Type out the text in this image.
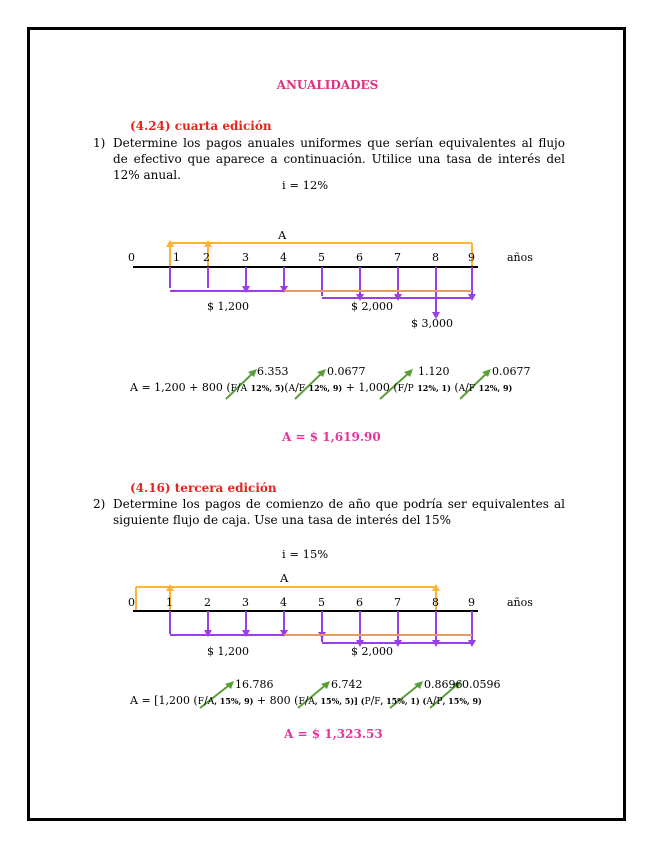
ANUALIDADES
(4.24) cuarta edición
1) Determine los pagos anuales uniformes que serían equivalentes al flujo de efectivo que aparece a continuación. Utilice una tasa de interés del 12% anual.
i = 12%
A
0	1 2	3	4	5	6	7	8	9	años
$ 1,200	$ 2,000
$ 3,000
6.353	0.0677	1.120	0.0677
A = 1,200 + 800 (F/A 12%, 5)(A/F 12%, 9) + 1,000 (F/P 12%, 1) (A/F 12%, 9)
A = $ 1,619.90
(4.16) tercera edición
2) Determine los pagos de comienzo de año que podría ser equivalentes al siguiente flujo de caja. Use una tasa de interés del 15%
i = 15%
A
0	1	2	3	4	5	6	7	8	9	años
$ 1,200	$ 2,000
16.786	6.742	0.8696 0.0596
A = [1,200 (F/A, 15%, 9) + 800 (F/A, 15%, 5)] (P/F, 15%, 1) (A/P, 15%, 9)
A = $ 1,323.53
